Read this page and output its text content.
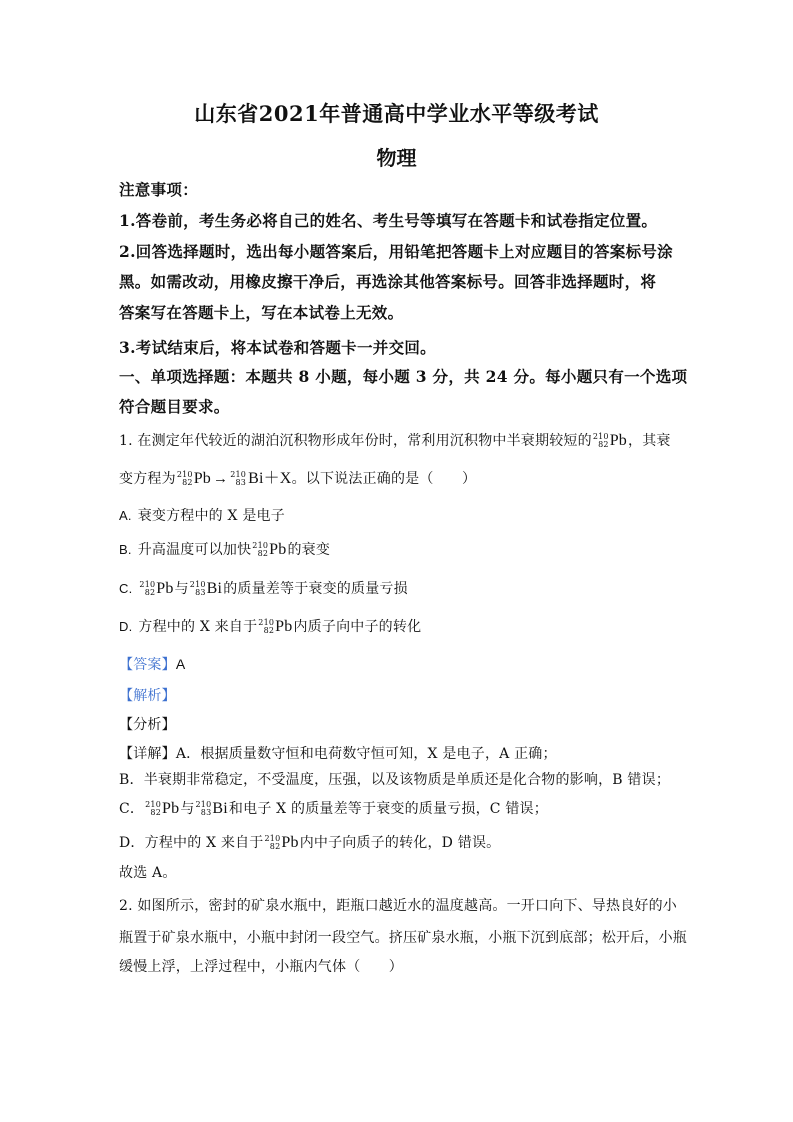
山东省2021年普通高中学业水平等级考试
物理
注意事项：
1.答卷前，考生务必将自己的姓名、考生号等填写在答题卡和试卷指定位置。
2.回答选择题时，选出每小题答案后，用铅笔把答题卡上对应题目的答案标号涂
黑。如需改动，用橡皮擦干净后，再选涂其他答案标号。回答非选择题时，将
答案写在答题卡上，写在本试卷上无效。
3.考试结束后，将本试卷和答题卡一并交回。
一、单项选择题：本题共 8 小题，每小题 3 分，共 24 分。每小题只有一个选项
符合题目要求。
1. 在测定年代较近的湖泊沉积物形成年份时，常利用沉积物中半衰期较短的 210
82 Pb ，其衰
变方程为 210
82 Pb → 210
83 Bi＋X。以下说法正确的是（　　）
A. 衰变方程中的 X 是电子
B. 升高温度可以加快 210
82 Pb 的衰变
C. 210
82 Pb 与 210
83 Bi 的质量差等于衰变的质量亏损
D. 方程中的 X 来自于 210
82 Pb 内质子向中子的转化
【答案】A
【解析】
【分析】
【详解】A．根据质量数守恒和电荷数守恒可知，X 是电子，A 正确；
B．半衰期非常稳定，不受温度，压强，以及该物质是单质还是化合物的影响，B 错误；
C． 210
82 Pb 与 210
83 Bi 和电子 X 的质量差等于衰变的质量亏损，C 错误；
D．方程中的 X 来自于 210
82 Pb 内中子向质子的转化，D 错误。
故选 A。
2. 如图所示，密封的矿泉水瓶中，距瓶口越近水的温度越高。一开口向下、导热良好的小
瓶置于矿泉水瓶中，小瓶中封闭一段空气。挤压矿泉水瓶，小瓶下沉到底部；松开后，小瓶
缓慢上浮，上浮过程中，小瓶内气体（　　）
